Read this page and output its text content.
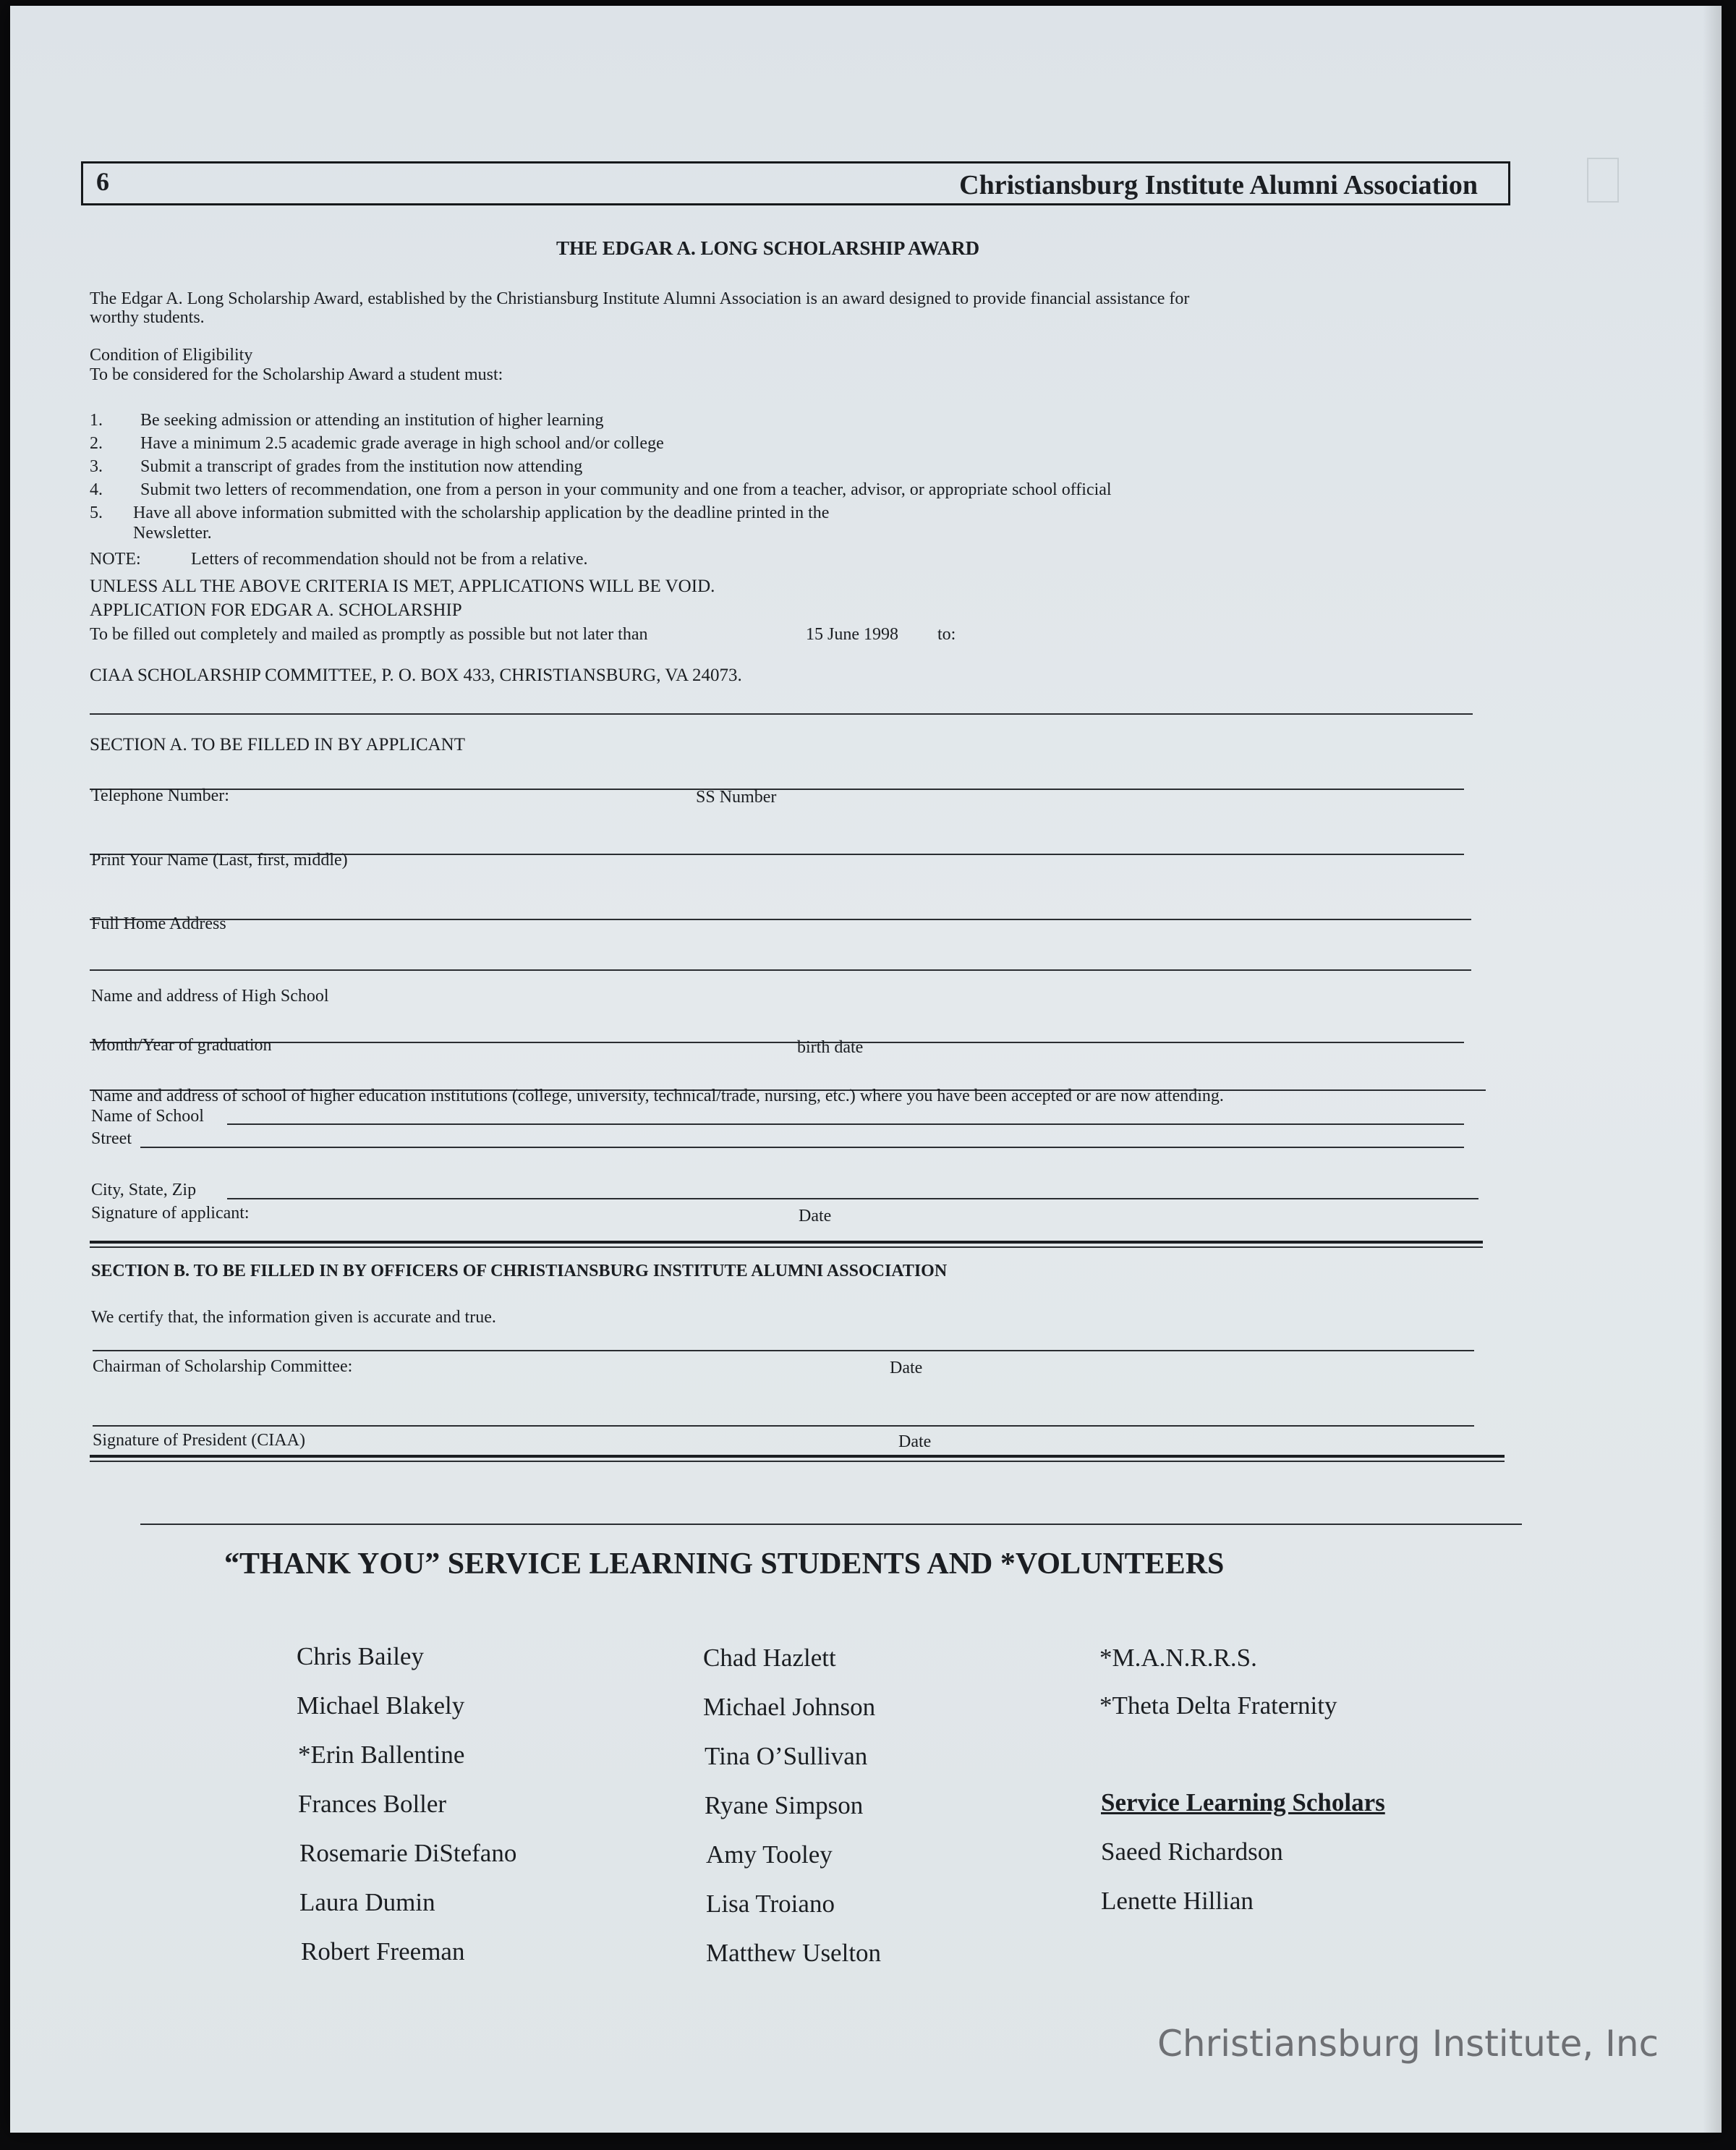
6	Christiansburg Institute Alumni Association
THE EDGAR A. LONG SCHOLARSHIP AWARD
The Edgar A. Long Scholarship Award, established by the Christiansburg Institute Alumni Association is an award designed to provide financial assistance for
worthy students.
Condition of Eligibility
To be considered for the Scholarship Award a student must:
1. Be seeking admission or attending an institution of higher learning
2. Have a minimum 2.5 academic grade average in high school and/or college
3. Submit a transcript of grades from the institution now attending
4. Submit two letters of recommendation, one from a person in your community and one from a teacher, advisor, or appropriate school official
5. Have all above information submitted with the scholarship application by the deadline printed in the
Newsletter.
NOTE:	Letters of recommendation should not be from a relative.
UNLESS ALL THE ABOVE CRITERIA IS MET, APPLICATIONS WILL BE VOID.
APPLICATION FOR EDGAR A. SCHOLARSHIP
To be filled out completely and mailed as promptly as possible but not later than	15 June 1998 to:
CIAA SCHOLARSHIP COMMITTEE, P. O. BOX 433, CHRISTIANSBURG, VA 24073.
SECTION A. TO BE FILLED IN BY APPLICANT
Telephone Number:	SS Number
Print Your Name (Last, first, middle)
Full Home Address
Name and address of High School
Month/Year of graduation	birth date
Name and address of school of higher education institutions (college, university, technical/trade, nursing, etc.) where you have been accepted or are now attending.
Name of School
Street
City, State, Zip
Signature of applicant:	Date
SECTION B. TO BE FILLED IN BY OFFICERS OF CHRISTIANSBURG INSTITUTE ALUMNI ASSOCIATION
We certify that, the information given is accurate and true.
Chairman of Scholarship Committee:	Date
Signature of President (CIAA)	Date
“THANK YOU” SERVICE LEARNING STUDENTS AND *VOLUNTEERS
Chris Bailey
Michael Blakely
*Erin Ballentine
Frances Boller
Rosemarie DiStefano
Laura Dumin
Robert Freeman
Chad Hazlett
Michael Johnson
Tina O’Sullivan
Ryane Simpson
Amy Tooley
Lisa Troiano
Matthew Uselton
*M.A.N.R.R.S.
*Theta Delta Fraternity
Service Learning Scholars
Saeed Richardson
Lenette Hillian
Christiansburg Institute, Inc
